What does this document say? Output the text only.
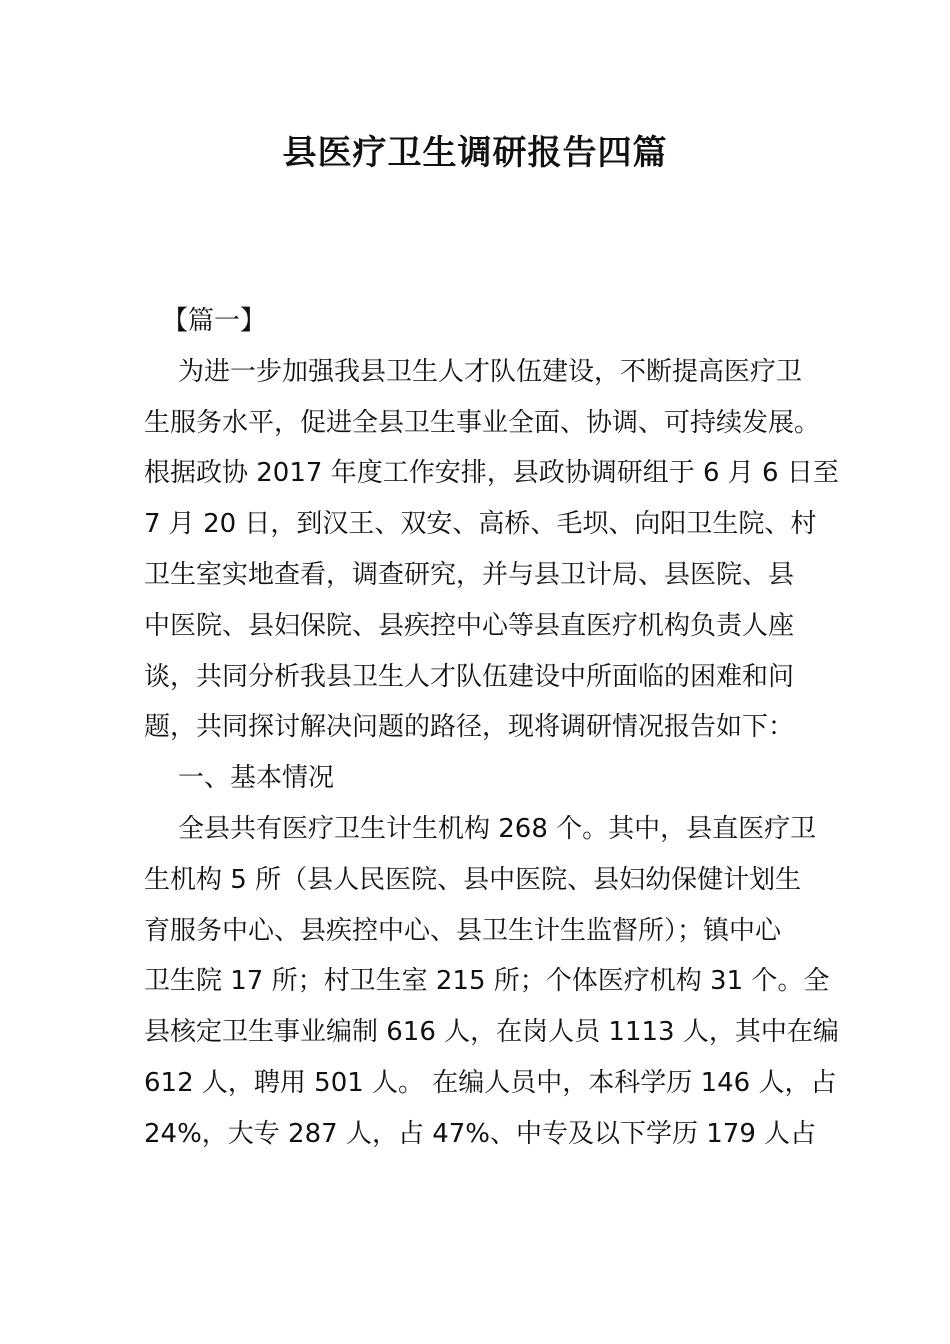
县医疗卫生调研报告四篇

【篇一】

为进一步加强我县卫生人才队伍建设，不断提高医疗卫
生服务水平，促进全县卫生事业全面、协调、可持续发展。
根据政协 2017 年度工作安排，县政协调研组于 6 月 6 日至
7 月 20 日，到汉王、双安、高桥、毛坝、向阳卫生院、村
卫生室实地查看，调查研究，并与县卫计局、县医院、县
中医院、县妇保院、县疾控中心等县直医疗机构负责人座
谈，共同分析我县卫生人才队伍建设中所面临的困难和问
题，共同探讨解决问题的路径，现将调研情况报告如下：

一、基本情况

全县共有医疗卫生计生机构 268 个。其中，县直医疗卫
生机构 5 所（县人民医院、县中医院、县妇幼保健计划生
育服务中心、县疾控中心、县卫生计生监督所）；镇中心
卫生院 17 所；村卫生室 215 所；个体医疗机构 31 个。全
县核定卫生事业编制 616 人，在岗人员 1113 人，其中在编
612 人，聘用 501 人。 在编人员中，本科学历 146 人，占
24%，大专 287 人，占 47%、中专及以下学历 179 人占
